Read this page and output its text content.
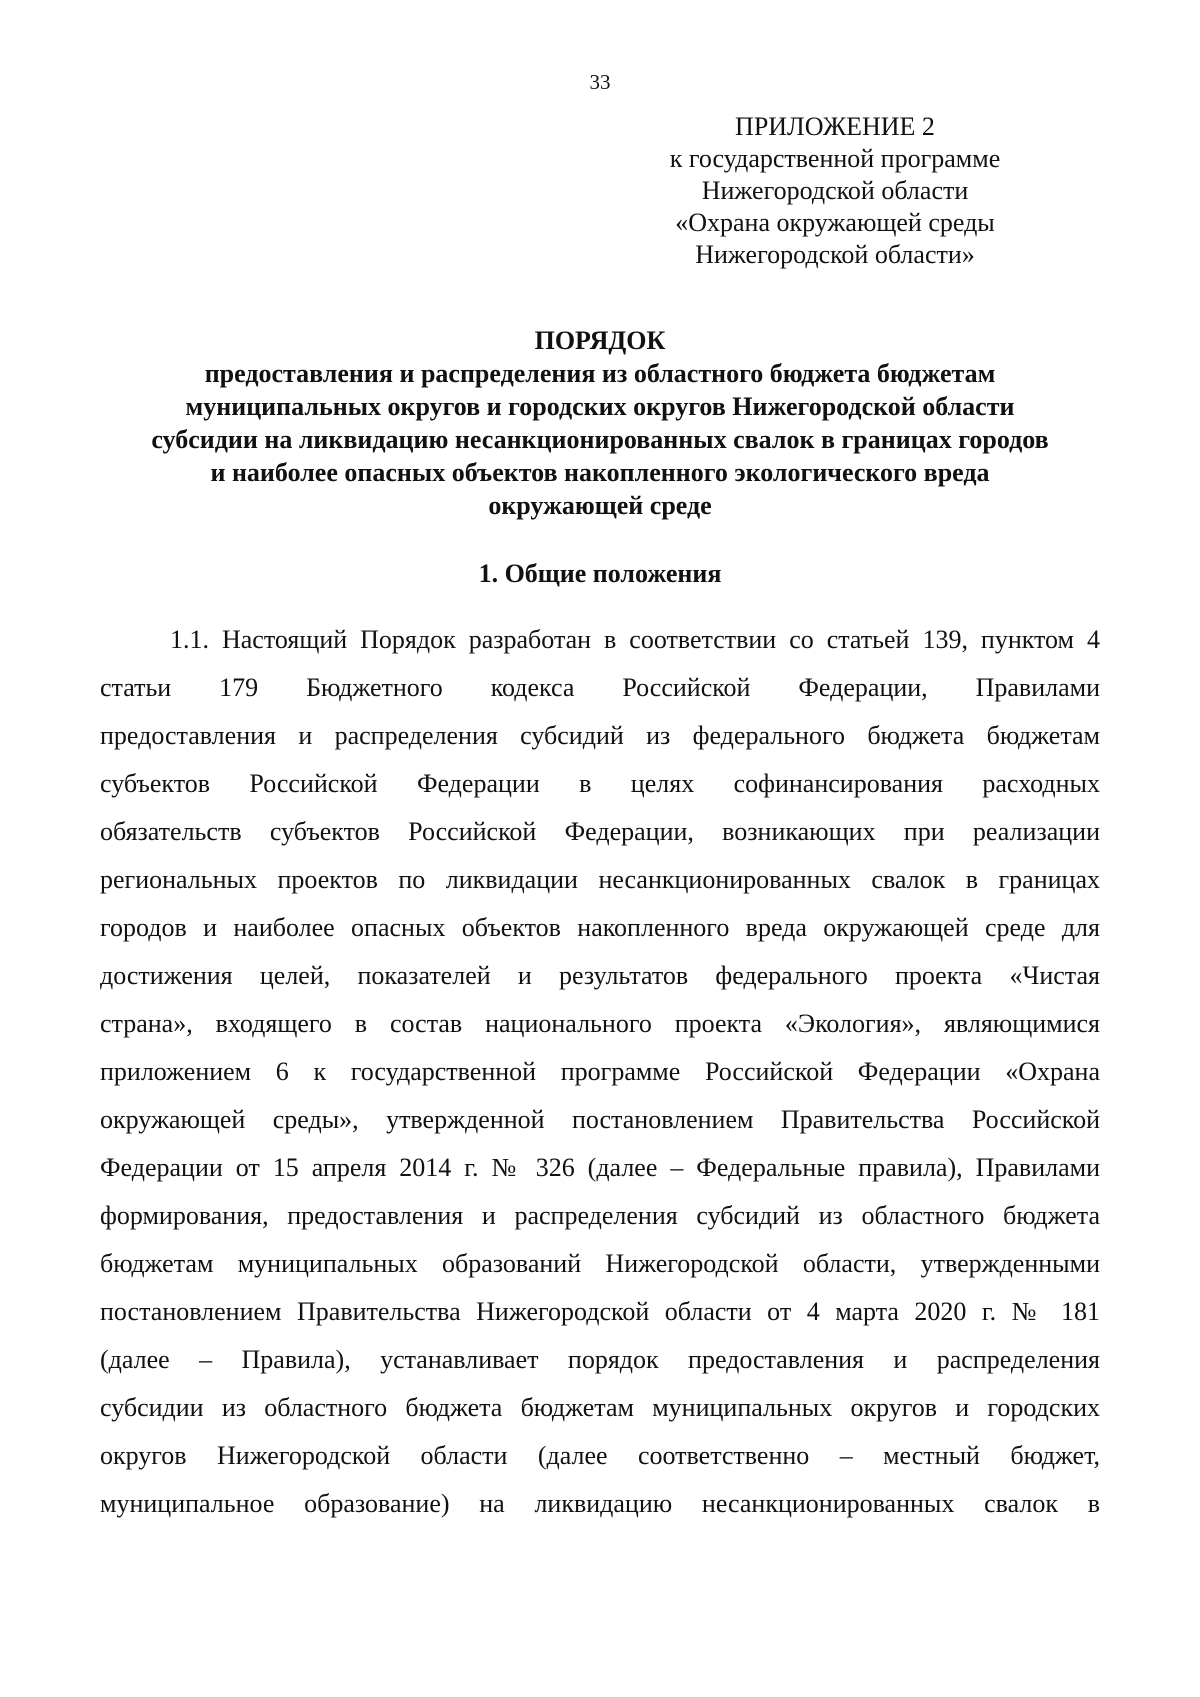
33
ПРИЛОЖЕНИЕ 2
к государственной программе
Нижегородской области
«Охрана окружающей среды
Нижегородской области»
ПОРЯДОК
предоставления и распределения из областного бюджета бюджетам
муниципальных округов и городских округов Нижегородской области
субсидии на ликвидацию несанкционированных свалок в границах городов
и наиболее опасных объектов накопленного экологического вреда
окружающей среде
1. Общие положения
1.1. Настоящий Порядок разработан в соответствии со статьей 139, пунктом 4
статьи 179 Бюджетного кодекса Российской Федерации, Правилами
предоставления и распределения субсидий из федерального бюджета бюджетам
субъектов Российской Федерации в целях софинансирования расходных
обязательств субъектов Российской Федерации, возникающих при реализации
региональных проектов по ликвидации несанкционированных свалок в границах
городов и наиболее опасных объектов накопленного вреда окружающей среде для
достижения целей, показателей и результатов федерального проекта «Чистая
страна», входящего в состав национального проекта «Экология», являющимися
приложением 6 к государственной программе Российской Федерации «Охрана
окружающей среды», утвержденной постановлением Правительства Российской
Федерации от 15 апреля 2014 г. № 326 (далее – Федеральные правила), Правилами
формирования, предоставления и распределения субсидий из областного бюджета
бюджетам муниципальных образований Нижегородской области, утвержденными
постановлением Правительства Нижегородской области от 4 марта 2020 г. № 181
(далее – Правила), устанавливает порядок предоставления и распределения
субсидии из областного бюджета бюджетам муниципальных округов и городских
округов Нижегородской области (далее соответственно – местный бюджет,
муниципальное образование) на ликвидацию несанкционированных свалок в
